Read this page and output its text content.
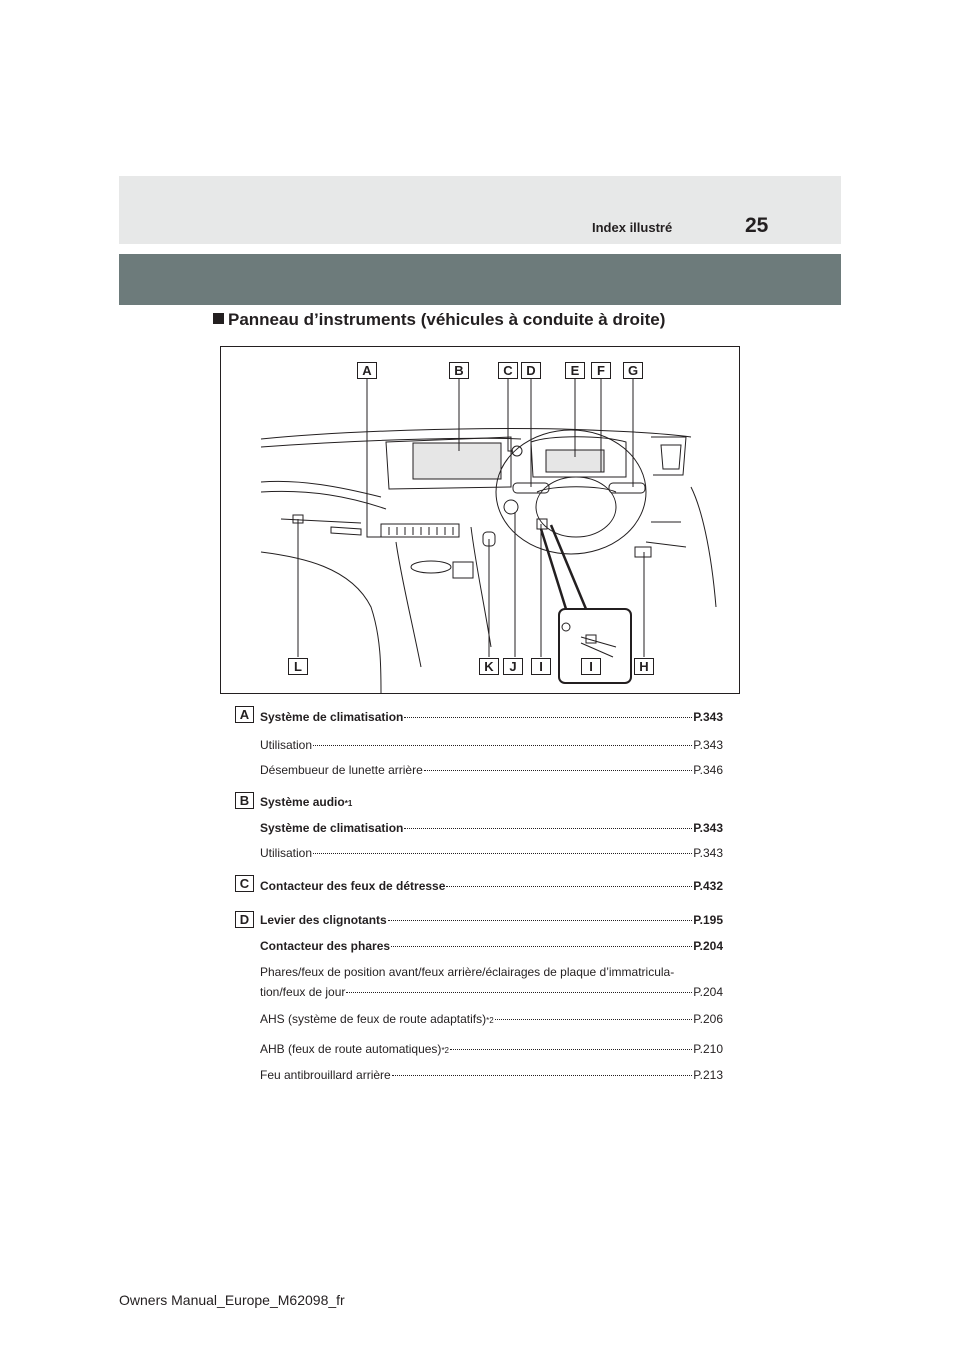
Index illustré	25
Panneau d’instruments (véhicules à conduite à droite)
A	B	C	D	E	F	G
H
I
I
J
K
L
A Système de climatisation	P.343
Utilisation	P.343
Désembueur de lunette arrière	P.346
B Système audio *1
Système de climatisation	P.343
Utilisation	P.343
C Contacteur des feux de détresse	P.432
D Levier des clignotants	P.195
Contacteur des phares	P.204
Phares/feux de position avant/feux arrière/éclairages de plaque d’immatricula-
tion/feux de jour	P.204
AHS (système de feux de route adaptatifs) *2	P.206
AHB (feux de route automatiques) *2	P.210
Feu antibrouillard arrière	P.213
Owners Manual_Europe_M62098_fr
